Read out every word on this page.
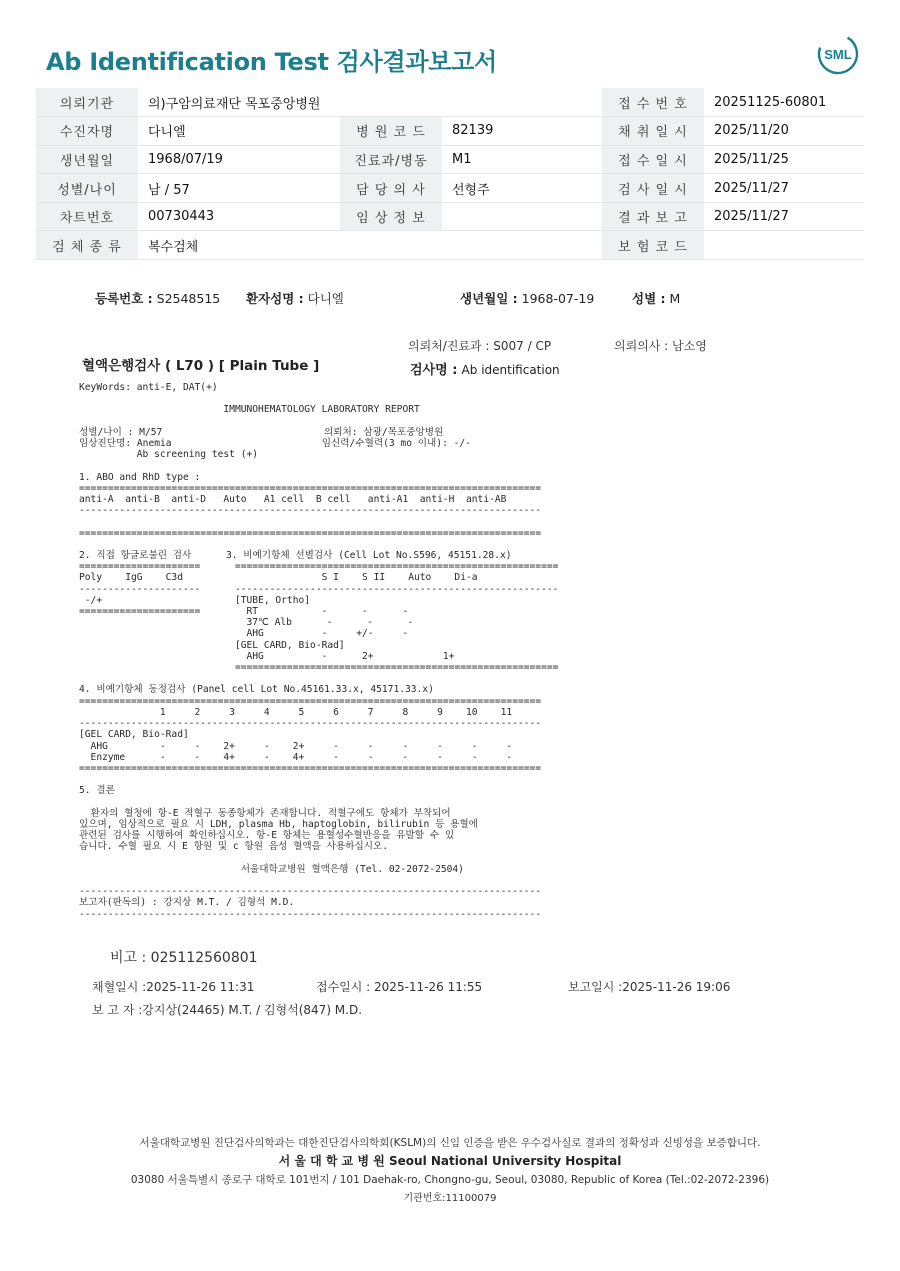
Ab Identification Test 검사결과보고서	SML
의뢰기관	의)구암의료재단 목포중앙병원			접 수 번 호	20251125-60801
수진자명	다니엘	병 원 코 드	82139	채 취 일 시	2025/11/20
생년월일	1968/07/19	진료과/병동	M1	접 수 일 시	2025/11/25
성별/나이	남 / 57	담 당 의 사	선형주	검 사 일 시	2025/11/27
차트번호	00730443	임 상 정 보		결 과 보 고	2025/11/27
검 체 종 류	복수검체			보 험 코 드	
등록번호 : S2548515 환자성명 : 다니엘	생년월일 : 1968-07-19	성별 : M
의뢰처/진료과 : S007 / CP	의뢰의사 : 남소영
혈액은행검사 ( L70 ) [ Plain Tube ]	검사명 : Ab identification
KeyWords: anti-E, DAT(+)

IMMUNOHEMATOLOGY LABORATORY REPORT

성별/나이 : M/57                            의뢰처: 삼광/목포중앙병원
임상진단명: Anemia                          임신력/수혈력(3 mo 이내): -/-
Ab screening test (+)

1. ABO and RhD type :
================================================================================
anti-A  anti-B  anti-D   Auto   A1 cell  B cell   anti-A1  anti-H  anti-AB
--------------------------------------------------------------------------------

================================================================================

2. 직접 항글로불린 검사      3. 비예기항체 선별검사 (Cell Lot No.S596, 45151.28.x)
=====================      ========================================================
Poly    IgG    C3d                        S I    S II    Auto    Di-a
---------------------      --------------------------------------------------------
-/+                       [TUBE, Ortho]
=====================        RT           -      -      -
37℃ Alb      -      -      -
AHG          -     +/-     -
[GEL CARD, Bio-Rad]
AHG          -      2+            1+
========================================================

4. 비예기항체 동정검사 (Panel cell Lot No.45161.33.x, 45171.33.x)
================================================================================
1     2     3     4     5     6     7     8     9    10    11
--------------------------------------------------------------------------------
[GEL CARD, Bio-Rad]
AHG         -     -    2+     -    2+     -     -     -     -     -     -
Enzyme      -     -    4+     -    4+     -     -     -     -     -     -
================================================================================

5. 결론

환자의 혈청에 항-E 적혈구 동종항체가 존재합니다. 적혈구에도 항체가 부착되어
있으며, 임상적으로 필요 시 LDH, plasma Hb, haptoglobin, bilirubin 등 용혈에
관련된 검사를 시행하여 확인하십시오. 항-E 항체는 용혈성수혈반응을 유발할 수 있
습니다. 수혈 필요 시 E 항원 및 c 항원 음성 혈액을 사용하십시오.

서울대학교병원 혈액은행 (Tel. 02-2072-2504)

--------------------------------------------------------------------------------
보고자(판독의) : 강지상 M.T. / 김형석 M.D.
--------------------------------------------------------------------------------
비고 : 025112560801
채혈일시 :2025-11-26 11:31	접수일시 : 2025-11-26 11:55	보고일시 :2025-11-26 19:06
보 고 자 :강지상(24465) M.T. / 김형석(847) M.D.
서울대학교병원 진단검사의학과는 대한진단검사의학회(KSLM)의 신임 인증을 받은 우수검사실로 결과의 정확성과 신빙성을 보증합니다.
서 울 대 학 교 병 원 Seoul National University Hospital
03080 서울특별시 종로구 대학로 101번지 / 101 Daehak-ro, Chongno-gu, Seoul, 03080, Republic of Korea (Tel.:02-2072-2396)
기관번호:11100079
